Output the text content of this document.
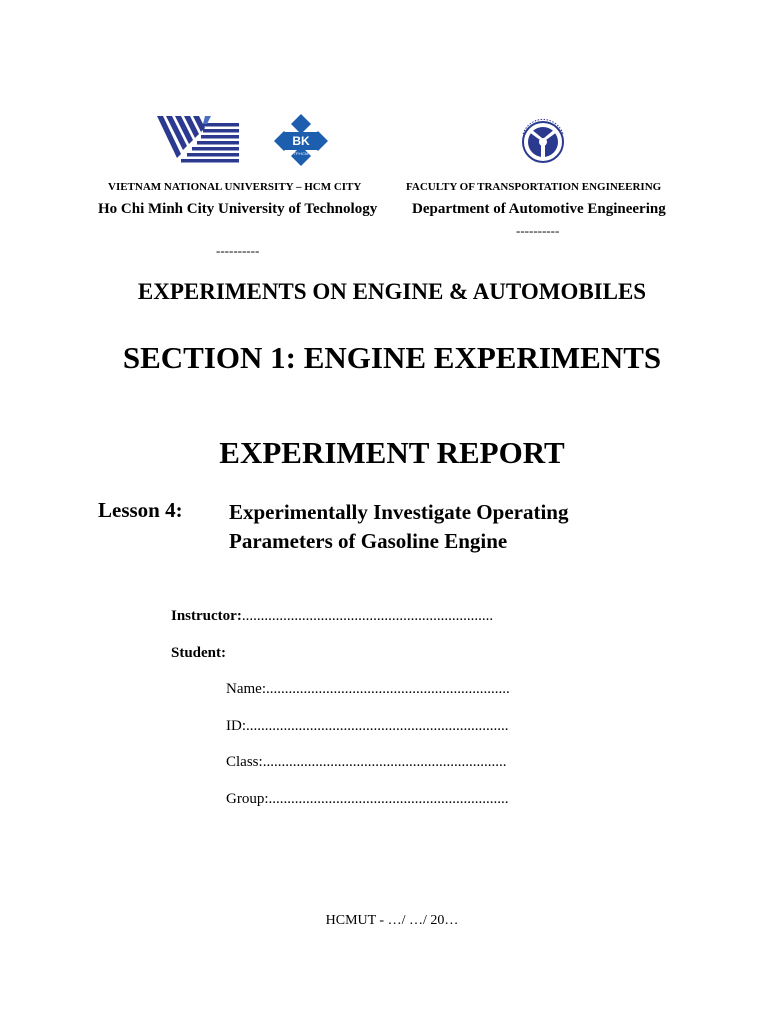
BK
TP.HCM
VIETNAM NATIONAL UNIVERSITY – HCM CITY	FACULTY OF TRANSPORTATION ENGINEERING
Ho Chi Minh City University of Technology	Department of Automotive Engineering
----------
----------
EXPERIMENTS ON ENGINE & AUTOMOBILES
SECTION 1: ENGINE EXPERIMENTS
EXPERIMENT REPORT
Lesson 4: Experimentally Investigate Operating Parameters of Gasoline Engine
Instructor:...................................................................
Student:
Name:.................................................................
ID:......................................................................
Class:.................................................................
Group:................................................................
HCMUT - …/ …/ 20…
